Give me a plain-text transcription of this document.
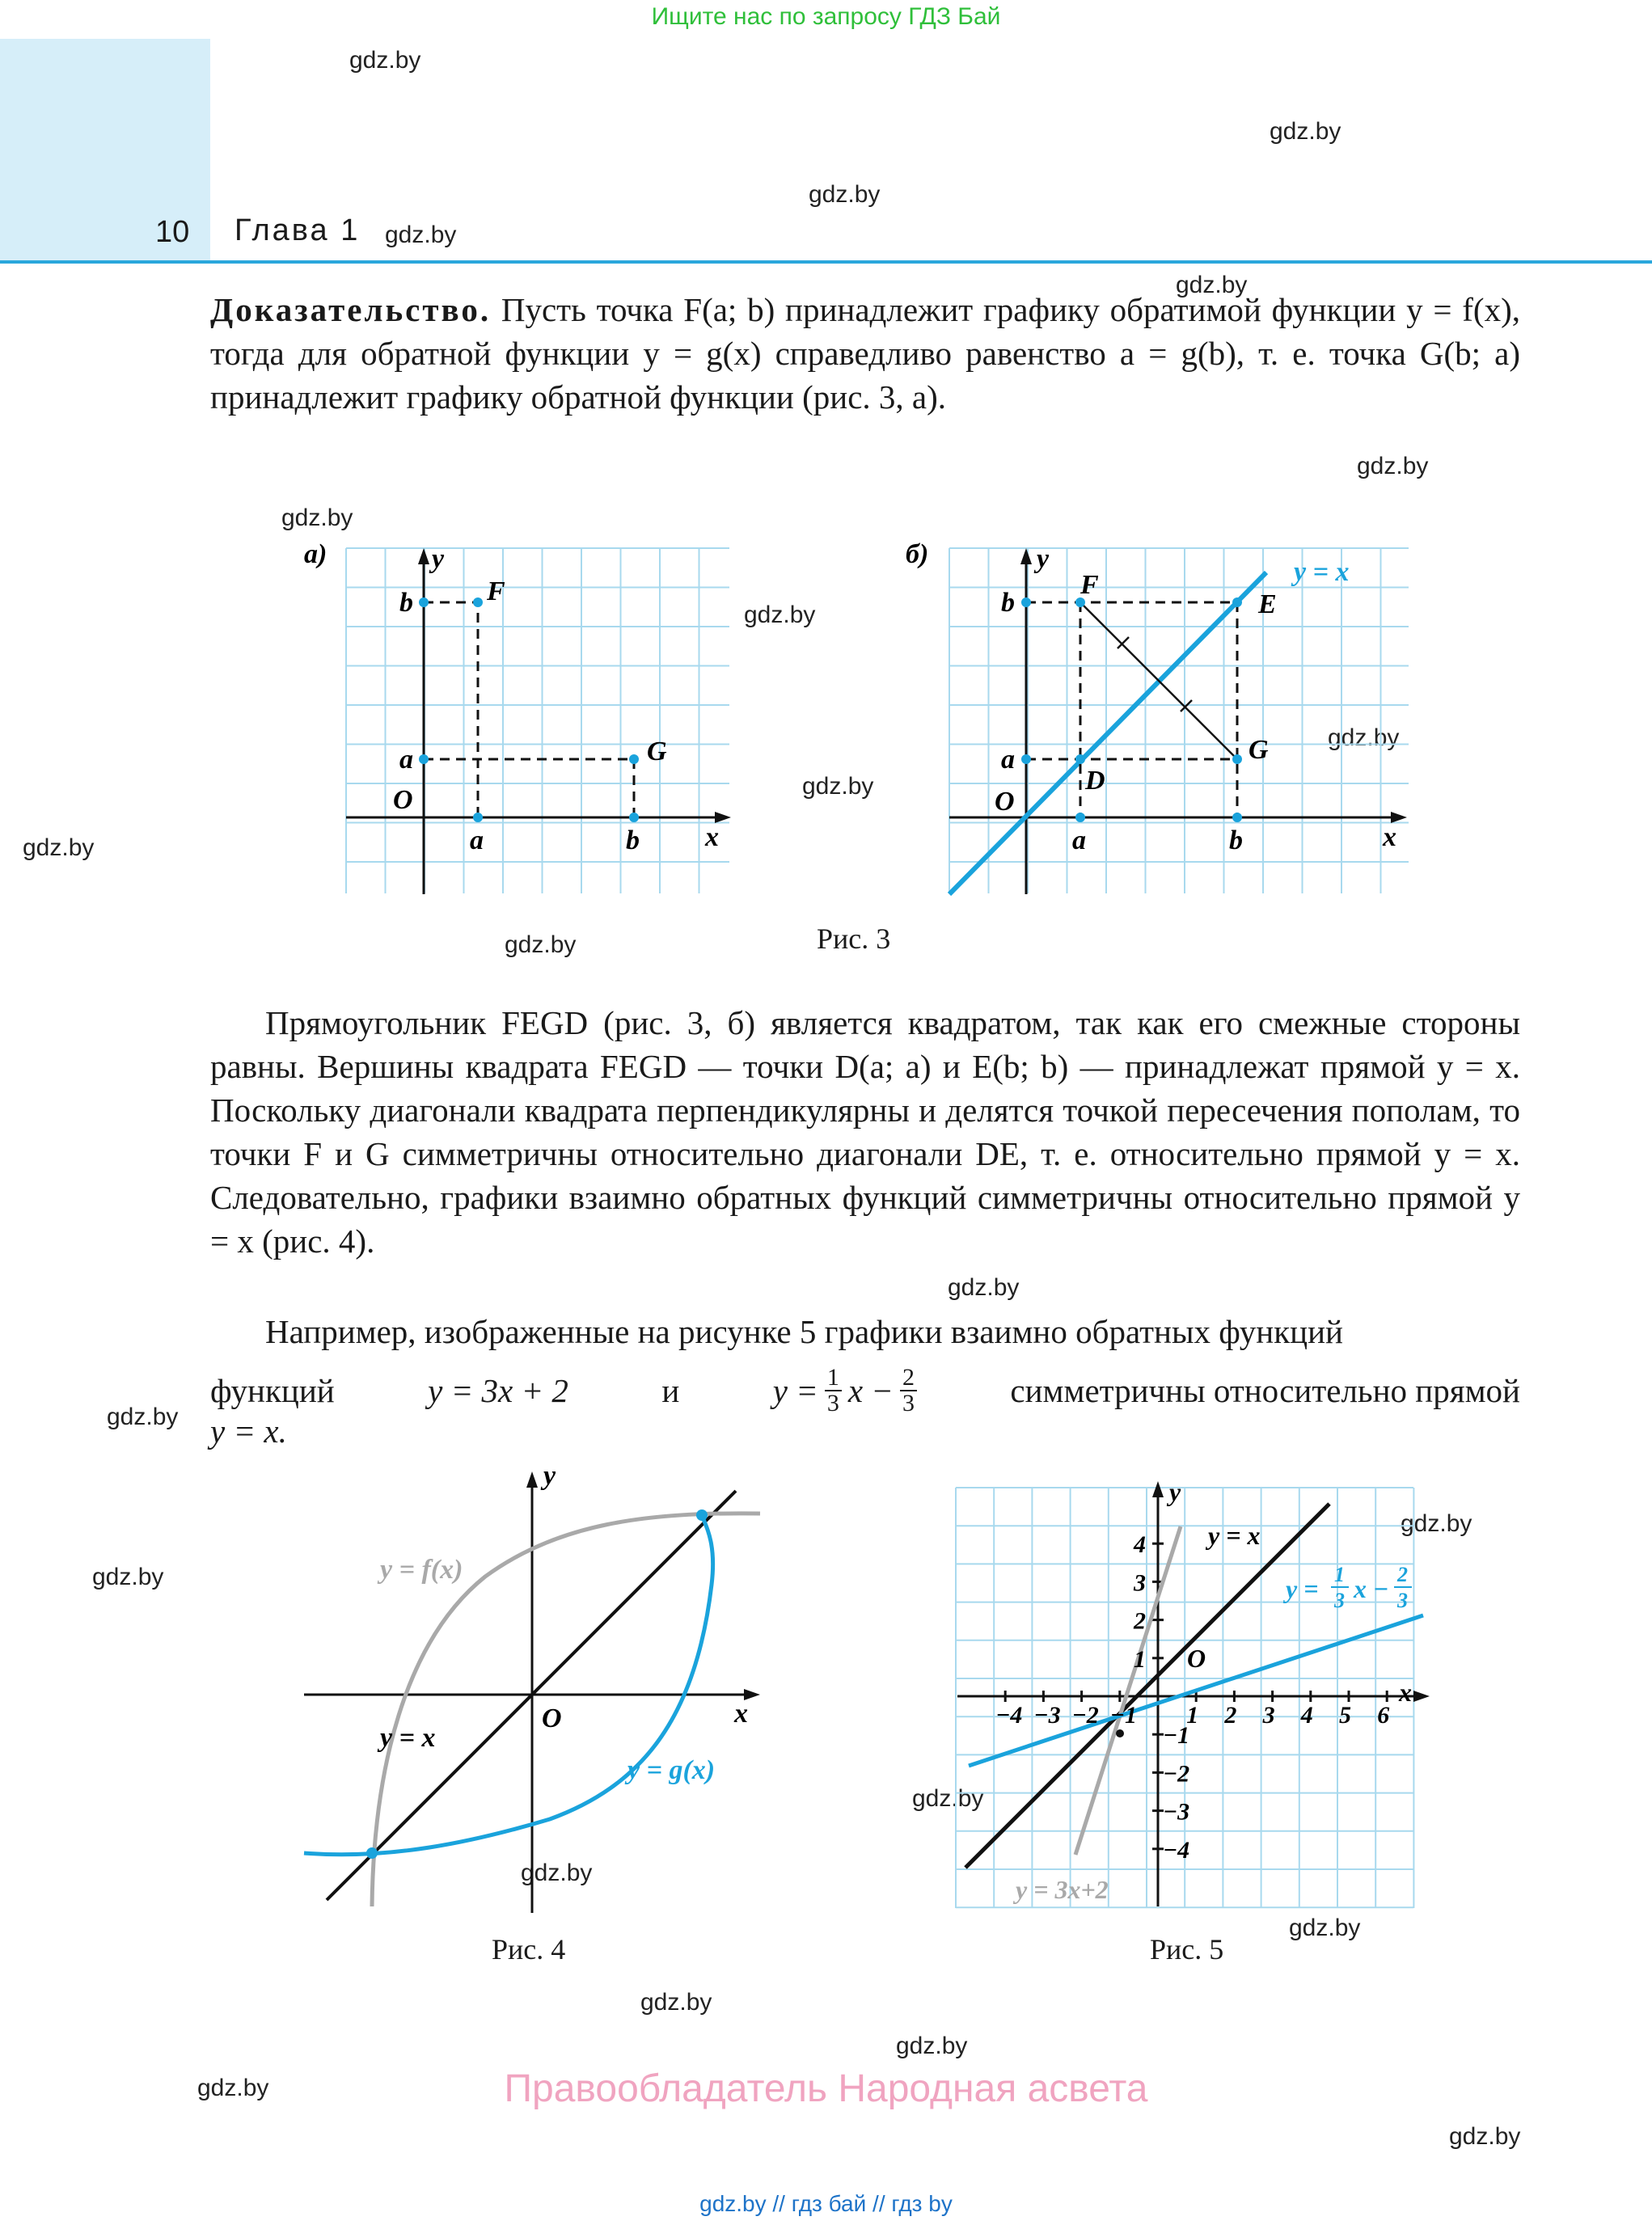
Ищите нас по запросу ГДЗ Бай
10 Глава 1
gdz.by
gdz.by
gdz.by
gdz.by
gdz.by
gdz.by
gdz.by
gdz.by
gdz.by
gdz.by
gdz.by
gdz.by
gdz.by
gdz.by
gdz.by
gdz.by
gdz.by
gdz.by
gdz.by
gdz.by
gdz.by
gdz.by
gdz.by
Доказательство. Пусть точка F(a; b) принадлежит графику обратимой функции y = f(x), тогда для обратной функции y = g(x) справедливо равенство a = g(b), т. е. точка G(b; a) принадлежит графику обратной функции (рис. 3, а).
а)	y
x
O
F
G
b
a
a	b
б)	y
x
O
F
E
G
D
b
a
a	b
y = x
Рис. 3
Прямоугольник FEGD (рис. 3, б) является квадратом, так как его смежные стороны равны. Вершины квадрата FEGD — точки D(a; a) и E(b; b) — принадлежат прямой y = x. Поскольку диагонали квадрата перпендикулярны и делятся точкой пересечения пополам, то точки F и G симметричны относительно диагонали DE, т. е. относительно прямой y = x. Следовательно, графики взаимно обратных функций симметричны относительно прямой y = x (рис. 4).
Например, изображенные на рисунке 5 графики взаимно обратных функций
функций	y = 3x + 2	и	$y = \frac{1}{3}$ $x - \frac{2}{3}$	симметричны относительно прямой
y = x.
y
x
O
y = x
y = f(x)
y = g(x)
Рис. 4
−4 −3 −2 −1 1 2 3 4 5 6
1
−1
2
−2
3
−3
4
−4
y
x
O
y = x
y = 3x+2
y = 1
3 x − 2
3
Рис. 5
Правообладатель Народная асвета
gdz.by // гдз бай // гдз by
